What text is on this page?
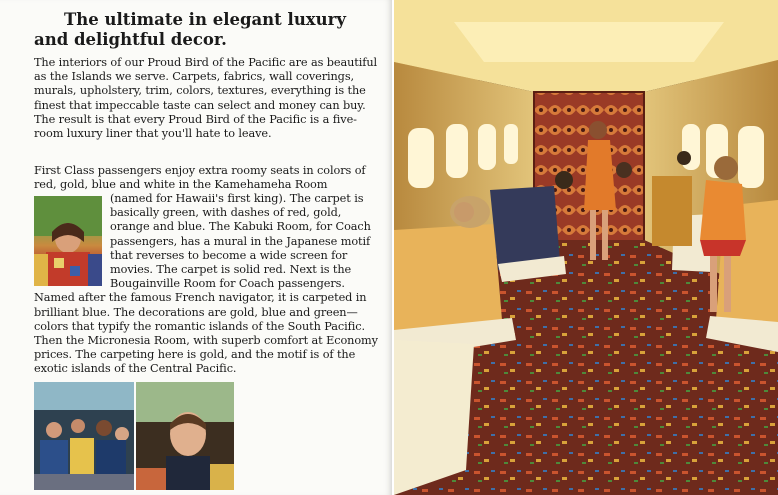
The ultimate in elegant luxury and delightful decor.

The interiors of our Proud Bird of the Pacific are as beautiful as the Islands we serve. Carpets, fabrics, wall coverings, murals, upholstery, trim, colors, textures, everything is the finest that impeccable taste can select and money can buy. The result is that every Proud Bird of the Pacific is a five-room luxury liner that you'll hate to leave.

First Class passengers enjoy extra roomy seats in colors of red, gold, blue and white in the Kamehameha Room

(named for Hawaii's first king). The carpet is basically green, with dashes of red, gold, orange and blue. The Kabuki Room, for Coach passengers, has a mural in the Japanese motif that reverses to become a wide screen for movies. The carpet is solid red. Next is the Bougainville Room for Coach passengers. Named after the famous French navigator, it is carpeted in brilliant blue. The decorations are gold, blue and green—colors that typify the romantic islands of the South Pacific. Then the Micronesia Room, with superb comfort at Economy prices. The carpeting here is gold, and the motif is of the exotic islands of the Central Pacific.
